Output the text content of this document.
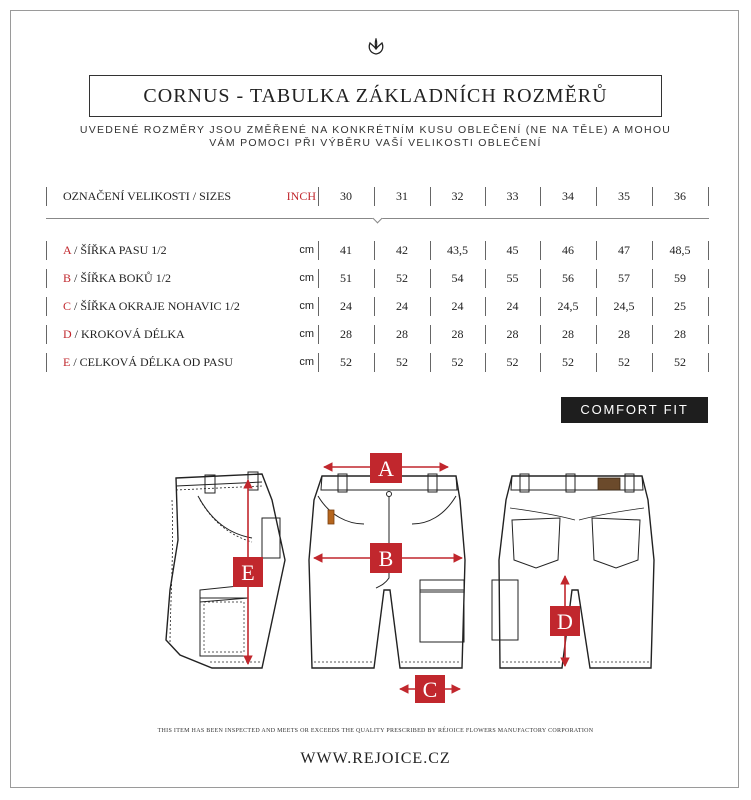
CORNUS - TABULKA ZÁKLADNÍCH ROZMĚRŮ
UVEDENÉ ROZMĚRY JSOU ZMĚŘENÉ NA KONKRÉTNÍM KUSU OBLEČENÍ (NE NA TĚLE) A MOHOU
VÁM POMOCI PŘI VÝBĚRU VAŠÍ VELIKOSTI OBLEČENÍ
OZNAČENÍ VELIKOSTI / SIZES	INCH	30	31	32	33	34	35	36
A / ŠÍŘKA PASU 1/2	cm	41	42	43,5	45	46	47	48,5
B / ŠÍŘKA BOKŮ 1/2	cm	51	52	54	55	56	57	59
C / ŠÍŘKA OKRAJE NOHAVIC 1/2	cm	24	24	24	24	24,5	24,5	25
D / KROKOVÁ DÉLKA	cm	28	28	28	28	28	28	28
E / CELKOVÁ DÉLKA OD PASU	cm	52	52	52	52	52	52	52
COMFORT FIT
A
B
C
D
E
THIS ITEM HAS BEEN INSPECTED AND MEETS OR EXCEEDS THE QUALITY PRESCRIBED BY RÉJOICE FLOWERS MANUFACTORY CORPORATION
WWW.REJOICE.CZ
